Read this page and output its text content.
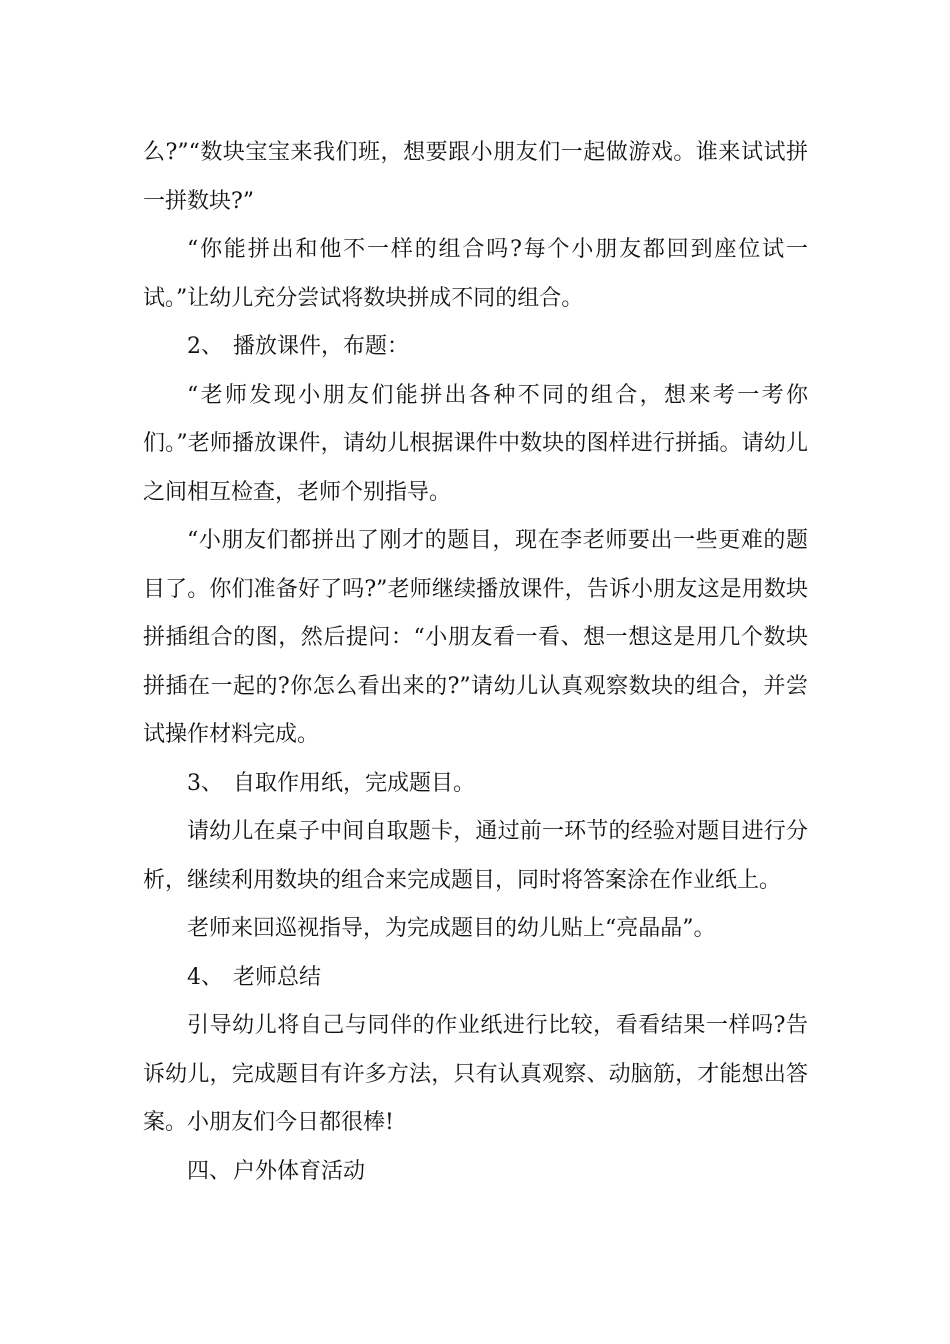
么?”“数块宝宝来我们班，想要跟小朋友们一起做游戏。谁来试试拼一拼数块?”

“你能拼出和他不一样的组合吗?每个小朋友都回到座位试一试。”让幼儿充分尝试将数块拼成不同的组合。

2、 播放课件，布题：

“老师发现小朋友们能拼出各种不同的组合，想来考一考你们。”老师播放课件，请幼儿根据课件中数块的图样进行拼插。请幼儿之间相互检查，老师个别指导。

“小朋友们都拼出了刚才的题目，现在李老师要出一些更难的题目了。你们准备好了吗?”老师继续播放课件，告诉小朋友这是用数块拼插组合的图，然后提问：“小朋友看一看、想一想这是用几个数块拼插在一起的?你怎么看出来的?”请幼儿认真观察数块的组合，并尝试操作材料完成。

3、 自取作用纸，完成题目。

请幼儿在桌子中间自取题卡，通过前一环节的经验对题目进行分析，继续利用数块的组合来完成题目，同时将答案涂在作业纸上。

老师来回巡视指导，为完成题目的幼儿贴上“亮晶晶”。

4、 老师总结

引导幼儿将自己与同伴的作业纸进行比较，看看结果一样吗?告诉幼儿，完成题目有许多方法，只有认真观察、动脑筋，才能想出答案。小朋友们今日都很棒!

四、户外体育活动
